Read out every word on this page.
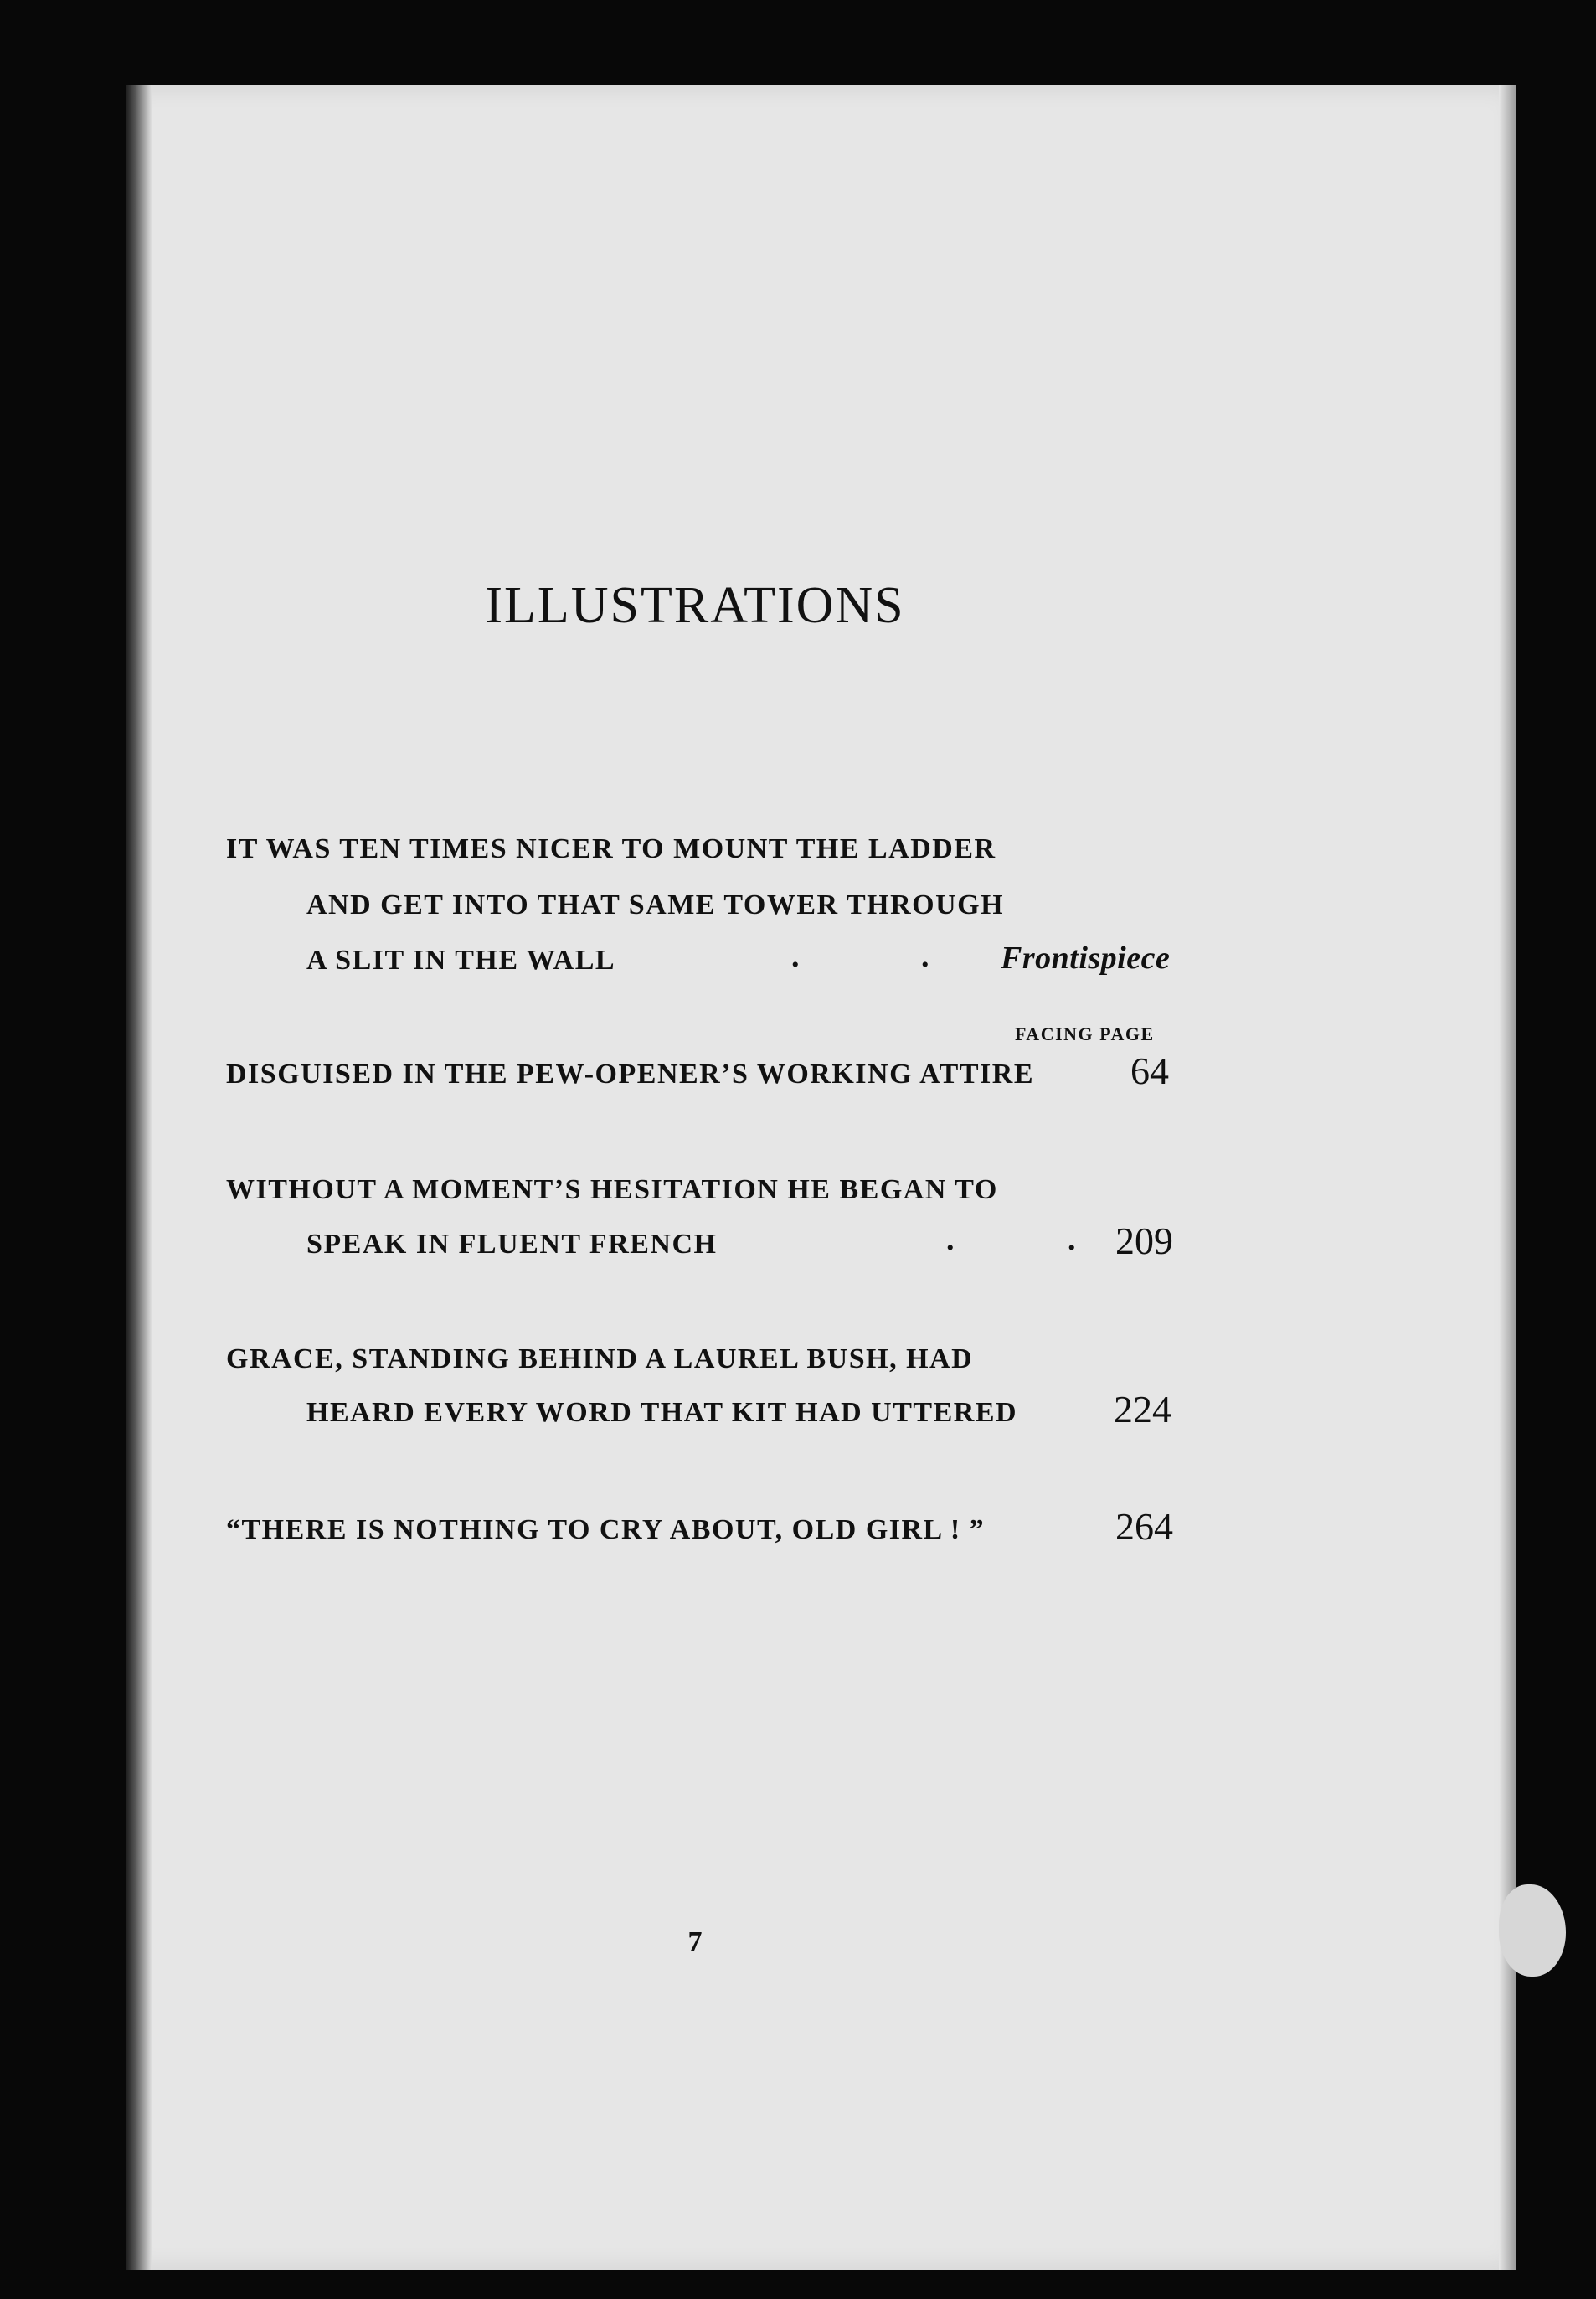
ILLUSTRATIONS
IT WAS TEN TIMES NICER TO MOUNT THE LADDER
AND GET INTO THAT SAME TOWER THROUGH
A SLIT IN THE WALL	.	. Frontispiece
FACING PAGE
DISGUISED IN THE PEW-OPENER’S WORKING ATTIRE	64
WITHOUT A MOMENT’S HESITATION HE BEGAN TO
SPEAK IN FLUENT FRENCH	.	. 209
GRACE, STANDING BEHIND A LAUREL BUSH, HAD
HEARD EVERY WORD THAT KIT HAD UTTERED 224
“THERE IS NOTHING TO CRY ABOUT, OLD GIRL ! ”	264
7
